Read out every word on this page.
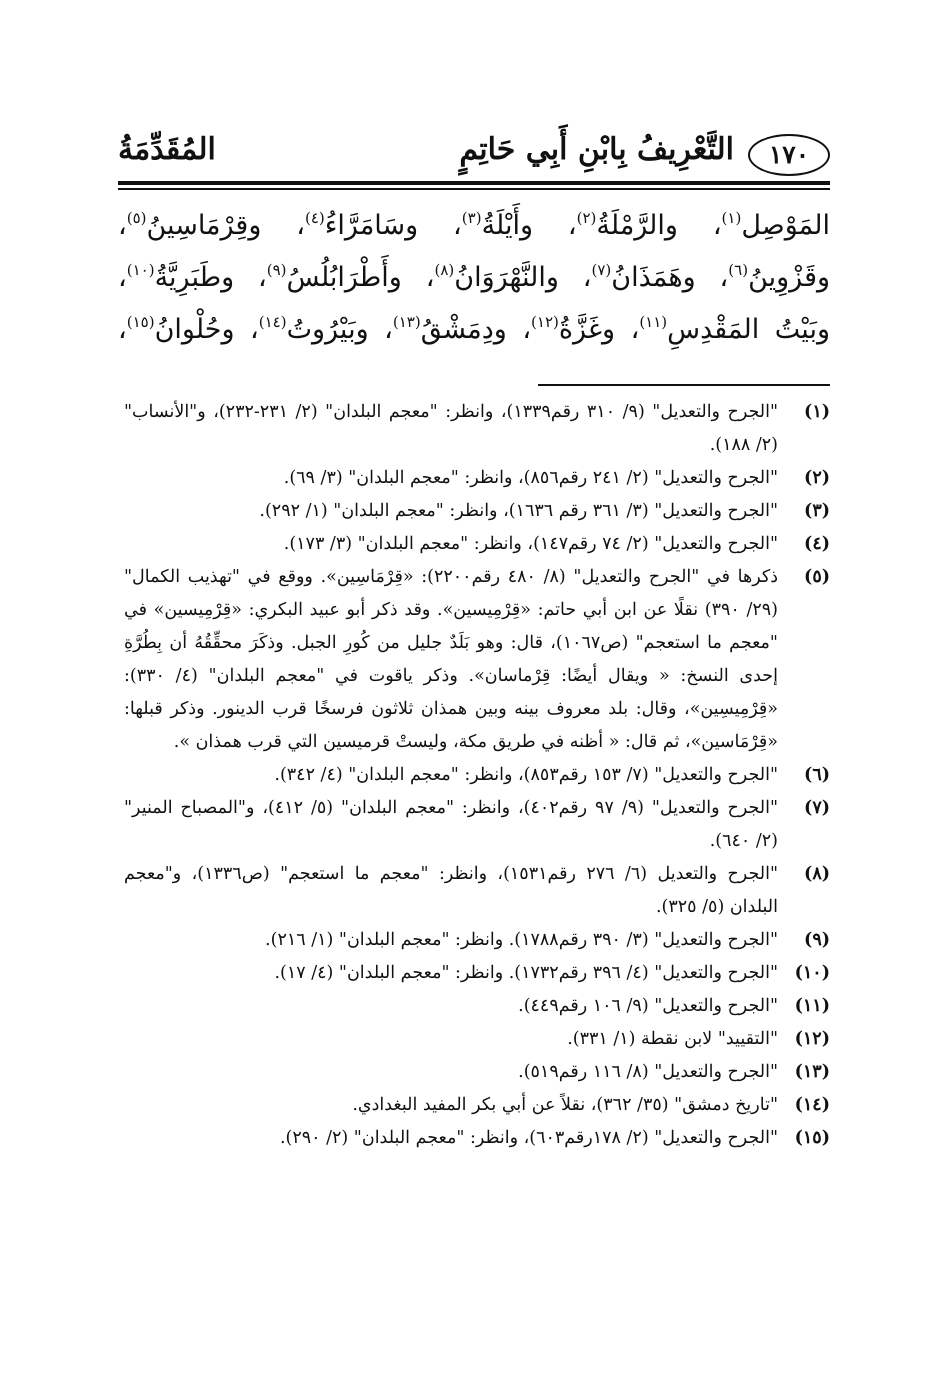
١٧٠
التَّعْرِيفُ بِابْنِ أَبِي حَاتِمٍ
المُقَدِّمَةُ
المَوْصِل$^{(١)}$، والرَّمْلَةُ$^{(٢)}$، وأَيْلَةُ$^{(٣)}$، وسَامَرَّاءُ$^{(٤)}$، وقِرْمَاسِينُ$^{(٥)}$،
وقَزْوِينُ$^{(٦)}$، وهَمَذَانُ$^{(٧)}$، والنَّهْرَوَانُ$^{(٨)}$، وأَطْرَابُلُسُ$^{(٩)}$، وطَبَرِيَّةُ$^{(١٠)}$،
وبَيْتُ المَقْدِسِ$^{(١١)}$، وغَزَّةُ$^{(١٢)}$، ودِمَشْقُ$^{(١٣)}$، وبَيْرُوتُ$^{(١٤)}$، وحُلْوانُ$^{(١٥)}$،
(١)
"الجرح والتعديل" (٩/ ٣١٠ رقم١٣٣٩)، وانظر: "معجم البلدان" (٢/ ٢٣١-٢٣٢)، و"الأنساب" (٢/ ١٨٨).
(٢)
"الجرح والتعديل" (٢/ ٢٤١ رقم٨٥٦)، وانظر: "معجم البلدان" (٣/ ٦٩).
(٣)
"الجرح والتعديل" (٣/ ٣٦١ رقم ١٦٣٦)، وانظر: "معجم البلدان" (١/ ٢٩٢).
(٤)
"الجرح والتعديل" (٢/ ٧٤ رقم١٤٧)، وانظر: "معجم البلدان" (٣/ ١٧٣).
(٥)
ذكرها في "الجرح والتعديل" (٨/ ٤٨٠ رقم٢٢٠٠): «قِرْمَاسِين». ووقع في "تهذيب الكمال" (٢٩/ ٣٩٠) نقلًا عن ابن أبي حاتم: «قِرْمِيسين». وقد ذكر أبو عبيد البكري: «قِرْمِيسين» في "معجم ما استعجم" (ص١٠٦٧)، قال: وهو بَلَدٌ جليل من كُورِ الجبل. وذكَرَ محقِّقُهُ أن بِطُرَّةِ إحدى النسخ: « ويقال أيضًا: قِرْماسان». وذكر ياقوت في "معجم البلدان" (٤/ ٣٣٠): «قِرْمِيسِين»، وقال: بلد معروف بينه وبين همذان ثلاثون فرسخًا قرب الدينور. وذكر قبلها: «قِرْمَاسين»، ثم قال: « أظنه في طريق مكة، وليستْ قرميسين التي قرب همذان ».
(٦)
"الجرح والتعديل" (٧/ ١٥٣ رقم٨٥٣)، وانظر: "معجم البلدان" (٤/ ٣٤٢).
(٧)
"الجرح والتعديل" (٩/ ٩٧ رقم٤٠٢)، وانظر: "معجم البلدان" (٥/ ٤١٢)، و"المصباح المنير" (٢/ ٦٤٠).
(٨)
"الجرح والتعديل (٦/ ٢٧٦ رقم١٥٣١)، وانظر: "معجم ما استعجم" (ص١٣٣٦)، و"معجم البلدان (٥/ ٣٢٥).
(٩)
"الجرح والتعديل" (٣/ ٣٩٠ رقم١٧٨٨). وانظر: "معجم البلدان" (١/ ٢١٦).
(١٠)
"الجرح والتعديل" (٤/ ٣٩٦ رقم١٧٣٢). وانظر: "معجم البلدان" (٤/ ١٧).
(١١)
"الجرح والتعديل" (٩/ ١٠٦ رقم٤٤٩).
(١٢)
"التقييد" لابن نقطة (١/ ٣٣١).
(١٣)
"الجرح والتعديل" (٨/ ١١٦ رقم٥١٩).
(١٤)
"تاريخ دمشق" (٣٥/ ٣٦٢)، نقلاً عن أبي بكر المفيد البغدادي.
(١٥)
"الجرح والتعديل" (٢/ ١٧٨رقم٦٠٣)، وانظر: "معجم البلدان" (٢/ ٢٩٠).
